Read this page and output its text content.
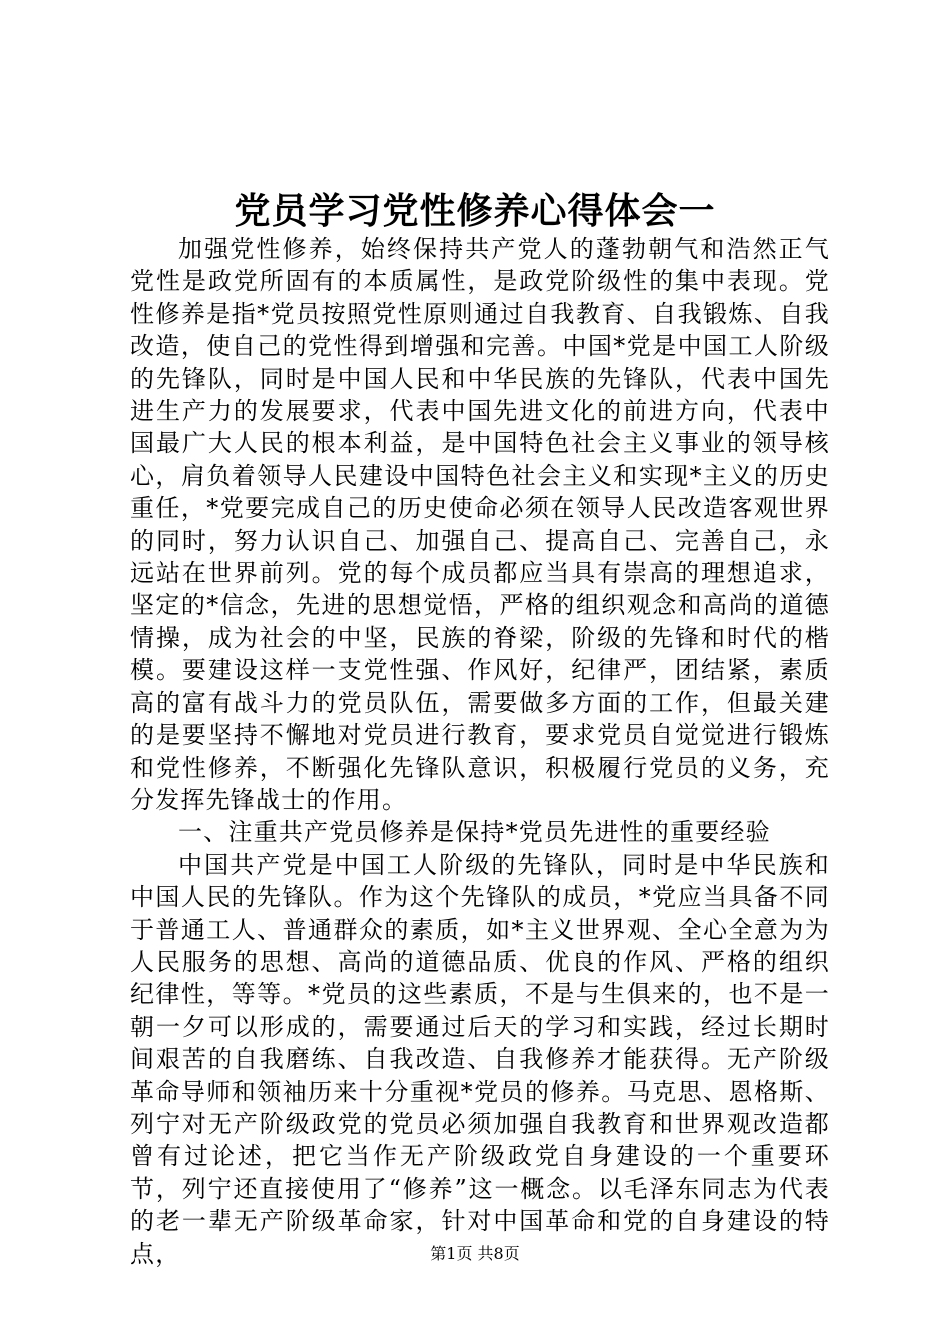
党员学习党性修养心得体会一

加强党性修养，始终保持共产党人的蓬勃朝气和浩然正气党性是政党所固有的本质属性，是政党阶级性的集中表现。党性修养是指*党员按照党性原则通过自我教育、自我锻炼、自我改造，使自己的党性得到增强和完善。中国*党是中国工人阶级的先锋队，同时是中国人民和中华民族的先锋队，代表中国先进生产力的发展要求，代表中国先进文化的前进方向，代表中国最广大人民的根本利益，是中国特色社会主义事业的领导核心，肩负着领导人民建设中国特色社会主义和实现*主义的历史重任，*党要完成自己的历史使命必须在领导人民改造客观世界的同时，努力认识自己、加强自己、提高自己、完善自己，永远站在世界前列。党的每个成员都应当具有崇高的理想追求，坚定的*信念，先进的思想觉悟，严格的组织观念和高尚的道德情操，成为社会的中坚，民族的脊梁，阶级的先锋和时代的楷模。要建设这样一支党性强、作风好，纪律严，团结紧，素质高的富有战斗力的党员队伍，需要做多方面的工作，但最关建的是要坚持不懈地对党员进行教育，要求党员自觉觉进行锻炼和党性修养，不断强化先锋队意识，积极履行党员的义务，充分发挥先锋战士的作用。

一、注重共产党员修养是保持*党员先进性的重要经验

中国共产党是中国工人阶级的先锋队，同时是中华民族和中国人民的先锋队。作为这个先锋队的成员，*党应当具备不同于普通工人、普通群众的素质，如*主义世界观、全心全意为为人民服务的思想、高尚的道德品质、优良的作风、严格的组织纪律性，等等。*党员的这些素质，不是与生俱来的，也不是一朝一夕可以形成的，需要通过后天的学习和实践，经过长期时间艰苦的自我磨练、自我改造、自我修养才能获得。无产阶级革命导师和领袖历来十分重视*党员的修养。马克思、恩格斯、列宁对无产阶级政党的党员必须加强自我教育和世界观改造都曾有过论述，把它当作无产阶级政党自身建设的一个重要环节，列宁还直接使用了“修养”这一概念。以毛泽东同志为代表的老一辈无产阶级革命家，针对中国革命和党的自身建设的特点，	第1页 共8页
